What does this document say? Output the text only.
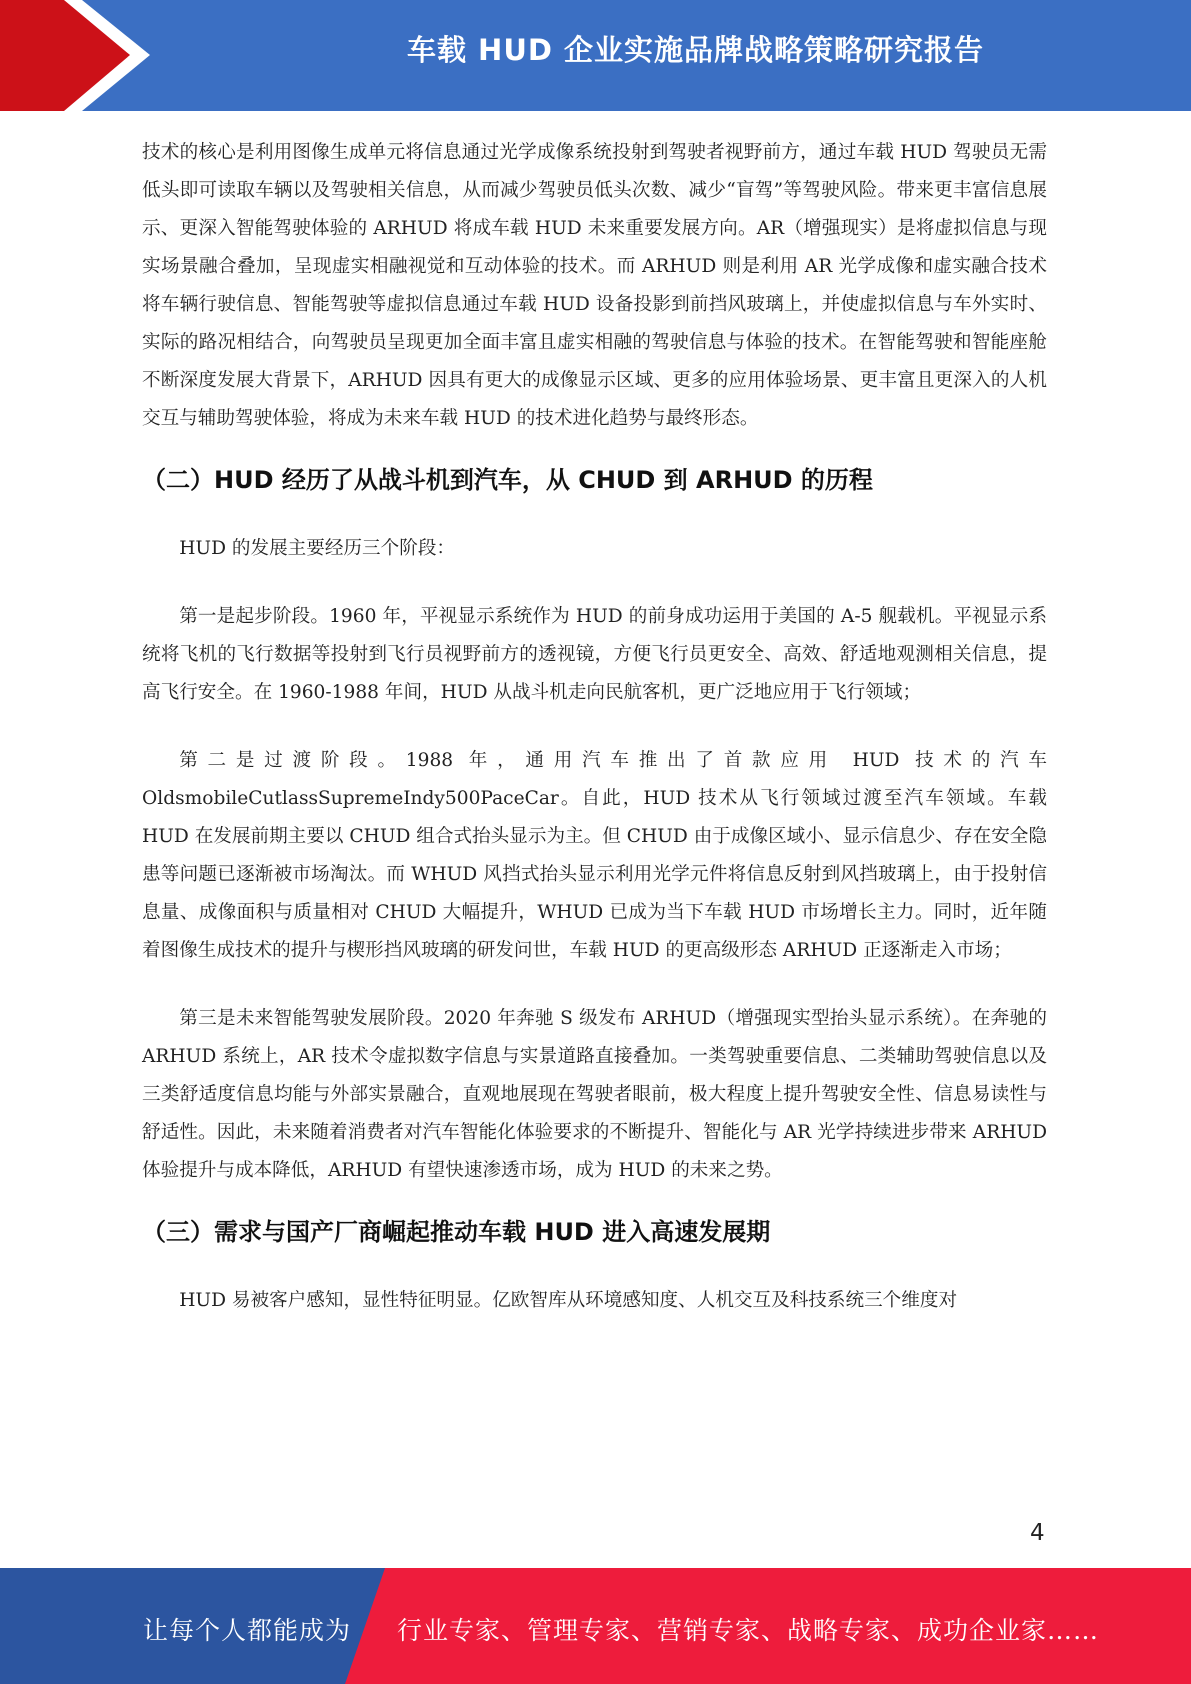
车载 HUD 企业实施品牌战略策略研究报告

技术的核心是利用图像生成单元将信息通过光学成像系统投射到驾驶者视野前方，通过车载 HUD 驾驶员无需低头即可读取车辆以及驾驶相关信息，从而减少驾驶员低头次数、减少“盲驾”等驾驶风险。带来更丰富信息展示、更深入智能驾驶体验的 ARHUD 将成车载 HUD 未来重要发展方向。AR（增强现实）是将虚拟信息与现实场景融合叠加，呈现虚实相融视觉和互动体验的技术。而 ARHUD 则是利用 AR 光学成像和虚实融合技术将车辆行驶信息、智能驾驶等虚拟信息通过车载 HUD 设备投影到前挡风玻璃上，并使虚拟信息与车外实时、实际的路况相结合，向驾驶员呈现更加全面丰富且虚实相融的驾驶信息与体验的技术。在智能驾驶和智能座舱不断深度发展大背景下，ARHUD 因具有更大的成像显示区域、更多的应用体验场景、更丰富且更深入的人机交互与辅助驾驶体验，将成为未来车载 HUD 的技术进化趋势与最终形态。

（二）HUD 经历了从战斗机到汽车，从 CHUD 到 ARHUD 的历程

HUD 的发展主要经历三个阶段：

第一是起步阶段。1960 年，平视显示系统作为 HUD 的前身成功运用于美国的 A-5 舰载机。平视显示系统将飞机的飞行数据等投射到飞行员视野前方的透视镜，方便飞行员更安全、高效、舒适地观测相关信息，提高飞行安全。在 1960-1988 年间，HUD 从战斗机走向民航客机，更广泛地应用于飞行领域；

第二是过渡阶段。1988 年，通用汽车推出了首款应用 HUD 技术的汽车 OldsmobileCutlassSupremeIndy500PaceCar。自此，HUD 技术从飞行领域过渡至汽车领域。车载 HUD 在发展前期主要以 CHUD 组合式抬头显示为主。但 CHUD 由于成像区域小、显示信息少、存在安全隐患等问题已逐渐被市场淘汰。而 WHUD 风挡式抬头显示利用光学元件将信息反射到风挡玻璃上，由于投射信息量、成像面积与质量相对 CHUD 大幅提升，WHUD 已成为当下车载 HUD 市场增长主力。同时，近年随着图像生成技术的提升与楔形挡风玻璃的研发问世，车载 HUD 的更高级形态 ARHUD 正逐渐走入市场；

第三是未来智能驾驶发展阶段。2020 年奔驰 S 级发布 ARHUD（增强现实型抬头显示系统）。在奔驰的 ARHUD 系统上，AR 技术令虚拟数字信息与实景道路直接叠加。一类驾驶重要信息、二类辅助驾驶信息以及三类舒适度信息均能与外部实景融合，直观地展现在驾驶者眼前，极大程度上提升驾驶安全性、信息易读性与舒适性。因此，未来随着消费者对汽车智能化体验要求的不断提升、智能化与 AR 光学持续进步带来 ARHUD 体验提升与成本降低，ARHUD 有望快速渗透市场，成为 HUD 的未来之势。

（三）需求与国产厂商崛起推动车载 HUD 进入高速发展期

HUD 易被客户感知，显性特征明显。亿欧智库从环境感知度、人机交互及科技系统三个维度对

4
让每个人都能成为 行业专家、管理专家、营销专家、战略专家、成功企业家……
